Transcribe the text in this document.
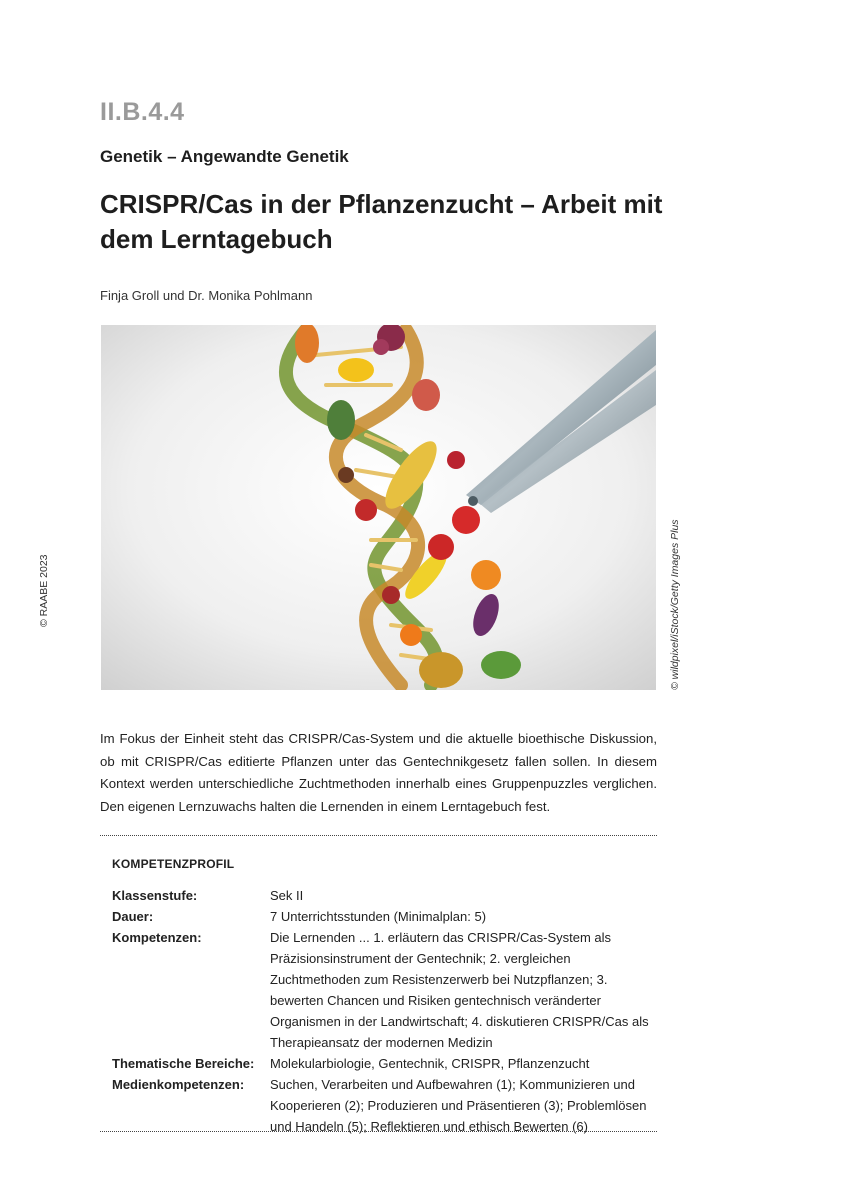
II.B.4.4
Genetik – Angewandte Genetik
CRISPR/Cas in der Pflanzenzucht – Arbeit mit dem Lerntagebuch
Finja Groll und Dr. Monika Pohlmann
© wildpixel/iStock/Getty Images Plus
© RAABE 2023
Im Fokus der Einheit steht das CRISPR/Cas-System und die aktuelle bioethische Diskussion, ob mit CRISPR/Cas editierte Pflanzen unter das Gentechnikgesetz fallen sollen. In diesem Kontext werden unterschiedliche Zuchtmethoden innerhalb eines Gruppenpuzzles verglichen. Den eigenen Lernzuwachs halten die Lernenden in einem Lerntagebuch fest.
KOMPETENZPROFIL
Klassenstufe:	Sek II
Dauer:	7 Unterrichtsstunden (Minimalplan: 5)
Kompetenzen:	Die Lernenden ... 1. erläutern das CRISPR/Cas-System als Präzisionsinstrument der Gentechnik; 2. vergleichen Zuchtmethoden zum Resistenzerwerb bei Nutzpflanzen; 3. bewerten Chancen und Risiken gentechnisch veränderter Organismen in der Landwirtschaft; 4. diskutieren CRISPR/Cas als Therapieansatz der modernen Medizin
Thematische Bereiche:	Molekularbiologie, Gentechnik, CRISPR, Pflanzenzucht
Medienkompetenzen:	Suchen, Verarbeiten und Aufbewahren (1); Kommunizieren und Kooperieren (2); Produzieren und Präsentieren (3); Problemlösen und Handeln (5); Reflektieren und ethisch Bewerten (6)
